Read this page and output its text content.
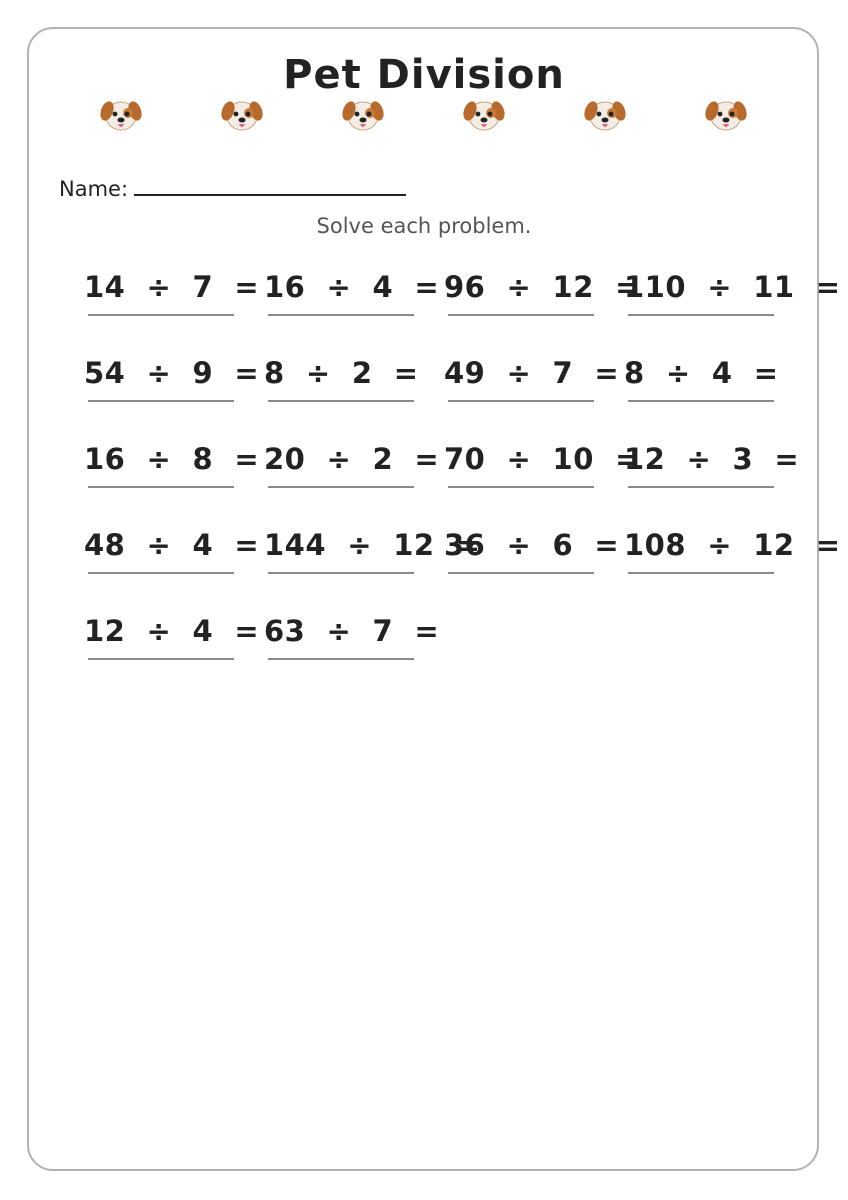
Pet Division
Name:
Solve each problem.
14  ÷  7  = 16  ÷  4  = 96  ÷  12  =
110  ÷  11  =
54  ÷  9  = 8  ÷  2  = 49  ÷  7  = 8  ÷  4  =
16  ÷  8  = 20  ÷  2  = 70  ÷  10  =
12  ÷  3  =
48  ÷  4  = 144  ÷  12  =
36  ÷  6  = 108  ÷  12  =
12  ÷  4  = 63  ÷  7  =
